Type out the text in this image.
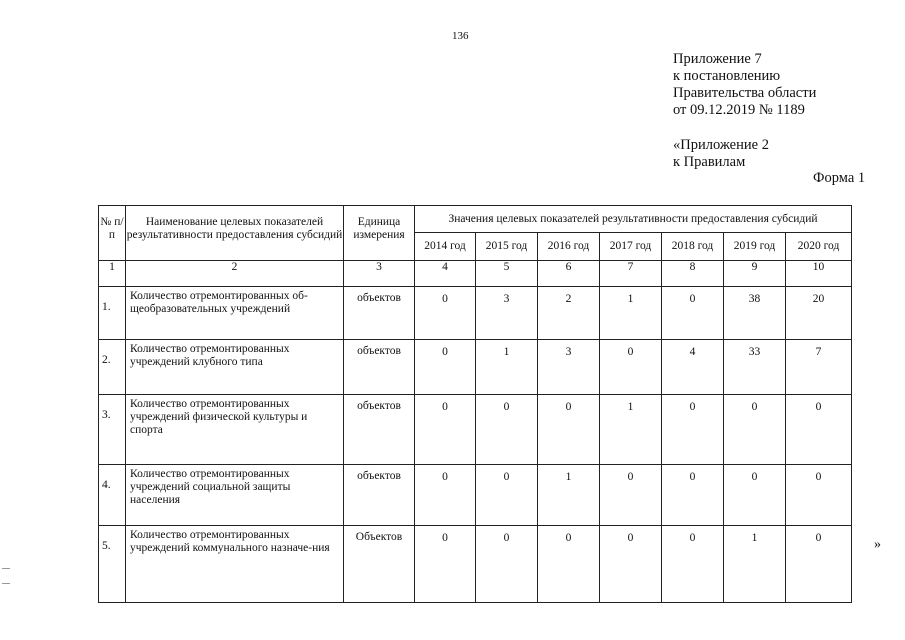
136
Приложение 7
к постановлению
Правительства области
от 09.12.2019 № 1189
«Приложение 2
к Правилам
Форма 1
№ п/п	Наименование целевых показателей результативности предоставления субсидий	Единица измерения	Значения целевых показателей результативности предоставления субсидий						
			2014 год	2015 год	2016 год	2017 год	2018 год	2019 год	2020 год
1	2	3	4	5	6	7	8	9	10
1.	Количество отремонтированных об-щеобразовательных учреждений	объектов	0	3	2	1	0	38	20
2.	Количество отремонтированных учреждений клубного типа	объектов	0	1	3	0	4	33	7
3.	Количество отремонтированных учреждений физической культуры и спорта	объектов	0	0	0	1	0	0	0
4.	Количество отремонтированных учреждений социальной защиты населения	объектов	0	0	1	0	0	0	0
5.	Количество отремонтированных учреждений коммунального назначе-ния	Объектов	0	0	0	0	0	1	0	»
